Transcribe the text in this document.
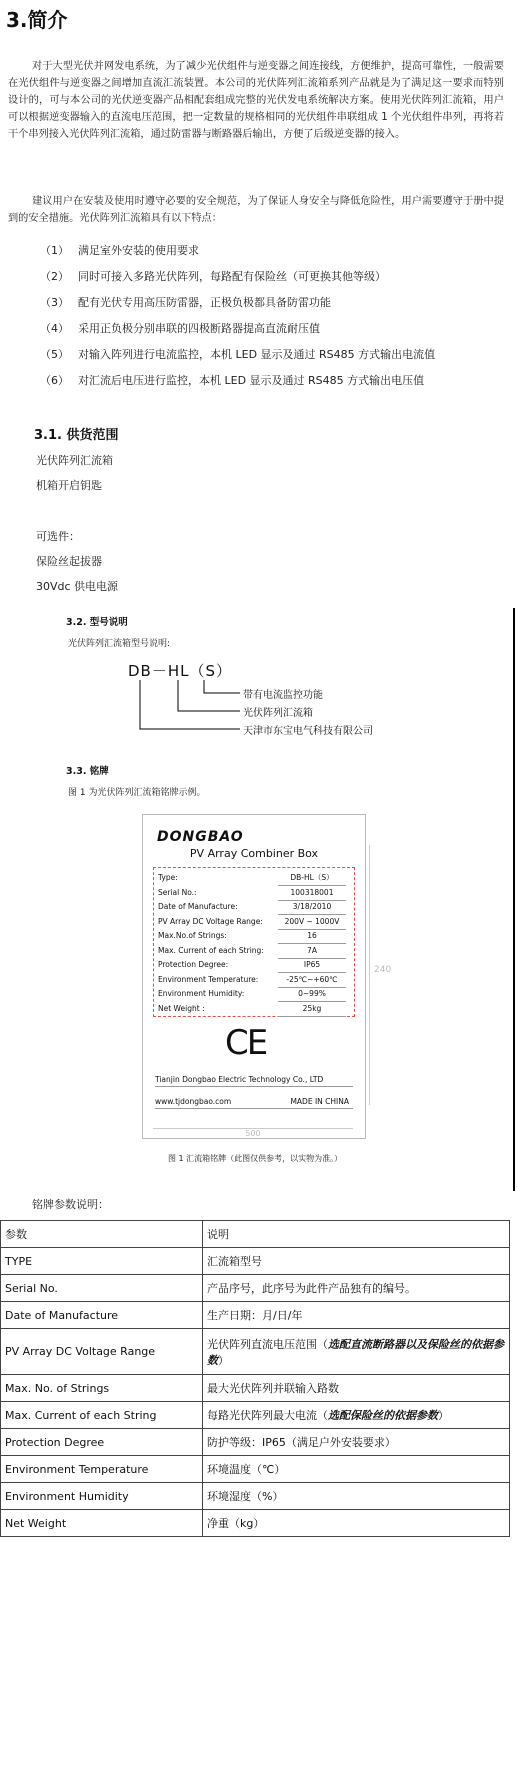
3.简介
对于大型光伏并网发电系统，为了减少光伏组件与逆变器之间连接线，方便维护，提高可靠性，一般需要在光伏组件与逆变器之间增加直流汇流装置。本公司的光伏阵列汇流箱系列产品就是为了满足这一要求而特别设计的，可与本公司的光伏逆变器产品相配套组成完整的光伏发电系统解决方案。使用光伏阵列汇流箱，用户可以根据逆变器输入的直流电压范围，把一定数量的规格相同的光伏组件串联组成 1 个光伏组件串列，再将若干个串列接入光伏阵列汇流箱，通过防雷器与断路器后输出，方便了后级逆变器的接入。
建议用户在安装及使用时遵守必要的安全规范，为了保证人身安全与降低危险性，用户需要遵守于册中提到的安全措施。光伏阵列汇流箱具有以下特点：
（1） 满足室外安装的使用要求
（2） 同时可接入多路光伏阵列，每路配有保险丝（可更换其他等级）
（3） 配有光伏专用高压防雷器，正极负极都具备防雷功能
（4） 采用正负极分别串联的四极断路器提高直流耐压值
（5） 对输入阵列进行电流监控，本机 LED 显示及通过 RS485 方式输出电流值
（6） 对汇流后电压进行监控，本机 LED 显示及通过 RS485 方式输出电压值
3.1. 供货范围
光伏阵列汇流箱
机箱开启钥匙
可选件：
保险丝起拔器
30Vdc 供电电源
3.2. 型号说明
光伏阵列汇流箱型号说明:
DB－HL（S）
带有电流监控功能
光伏阵列汇流箱
天津市东宝电气科技有限公司
3.3. 铭牌
图 1 为光伏阵列汇流箱铭牌示例。
DONGBAO
PV Array Combiner Box
Type:	DB-HL（S）
Serial No.:	100318001
Date of Manufacture:	3/18/2010
PV Array DC Voltage Range:	200V ~ 1000V
Max.No.of Strings:	16
Max. Current of each String:	7A
Protection Degree:	IP65
Environment Temperature:	-25℃~+60℃
Environment Humidity:	0~99%
Net Weight :	25kg
CE
Tianjin Dongbao Electric Technology Co., LTD
www.tjdongbao.com	MADE IN CHINA
500
240
图 1 汇流箱铭牌（此图仅供参考，以实物为准。）
铭牌参数说明：
参数	说明
TYPE	汇流箱型号
Serial No.	产品序号，此序号为此件产品独有的编号。
Date of Manufacture	生产日期：月/日/年
PV Array DC Voltage Range	光伏阵列直流电压范围（选配直流断路器以及保险丝的依据参数）
Max. No. of Strings	最大光伏阵列并联输入路数
Max. Current of each String	每路光伏阵列最大电流（选配保险丝的依据参数）
Protection Degree	防护等级：IP65（满足户外安装要求）
Environment Temperature	环境温度（℃）
Environment Humidity	环境湿度（%）
Net Weight	净重（kg）
